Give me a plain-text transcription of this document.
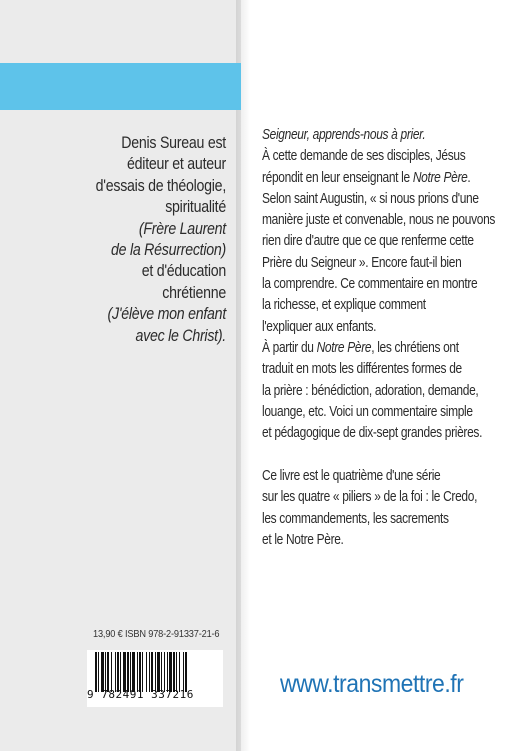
Denis Sureau est
éditeur et auteur
d'essais de théologie,
spiritualité
(Frère Laurent
de la Résurrection)
et d'éducation
chrétienne
(J'élève mon enfant
avec le Christ).
Seigneur, apprends-nous à prier.
À cette demande de ses disciples, Jésus
répondit en leur enseignant le Notre Père.
Selon saint Augustin, « si nous prions d'une
manière juste et convenable, nous ne pouvons
rien dire d'autre que ce que renferme cette
Prière du Seigneur ». Encore faut-il bien
la comprendre. Ce commentaire en montre
la richesse, et explique comment
l'expliquer aux enfants.
À partir du Notre Père, les chrétiens ont
traduit en mots les différentes formes de
la prière : bénédiction, adoration, demande,
louange, etc. Voici un commentaire simple
et pédagogique de dix-sept grandes prières.
Ce livre est le quatrième d'une série
sur les quatre « piliers » de la foi : le Credo,
les commandements, les sacrements
et le Notre Père.
13,90 € ISBN 978-2-91337-21-6
9 782491 337216	www.transmettre.fr
